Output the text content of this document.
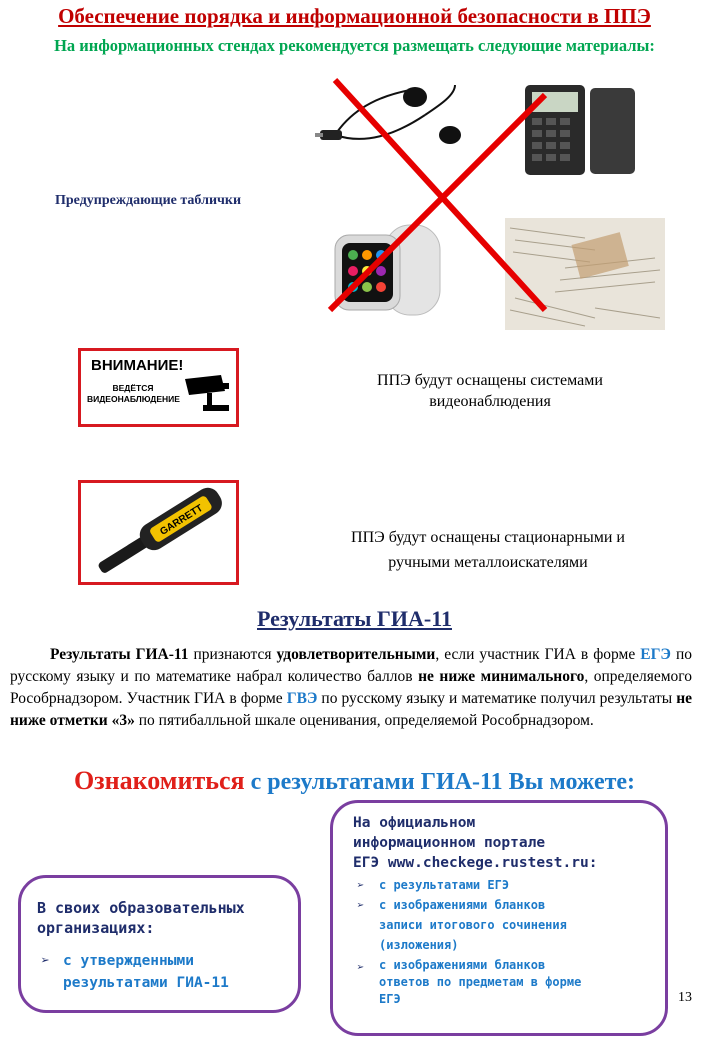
Обеспечение порядка и информационной безопасности в ППЭ
На информационных стендах рекомендуется размещать следующие материалы:
Предупреждающие таблички
ВНИМАНИЕ!
ВЕДЁТСЯ
ВИДЕОНАБЛЮДЕНИЕ
ППЭ будут оснащены системами
видеонаблюдения
GARRETT	ППЭ будут оснащены стационарными и
ручными металлоискателями
Результаты ГИА-11
Результаты ГИА-11 признаются удовлетворительными, если участник ГИА в форме ЕГЭ по русскому языку и по математике набрал количество баллов не ниже минимального, определяемого Рособрнадзором. Участник ГИА в форме ГВЭ по русскому языку и математике получил результаты не ниже отметки «3» по пятибалльной шкале оценивания, определяемой Рособрнадзором.
Ознакомиться с результатами ГИА-11 Вы можете:
В своих образовательных
организациях:
➢ с утвержденными
результатами ГИА-11
На официальном
информационном портале
ЕГЭ www.checkege.rustest.ru:
➢	с результатами ЕГЭ
➢ с изображениями бланков
записи итогового сочинения
(изложения)
➢ с изображениями бланков
ответов по предметам в форме
ЕГЭ	13
